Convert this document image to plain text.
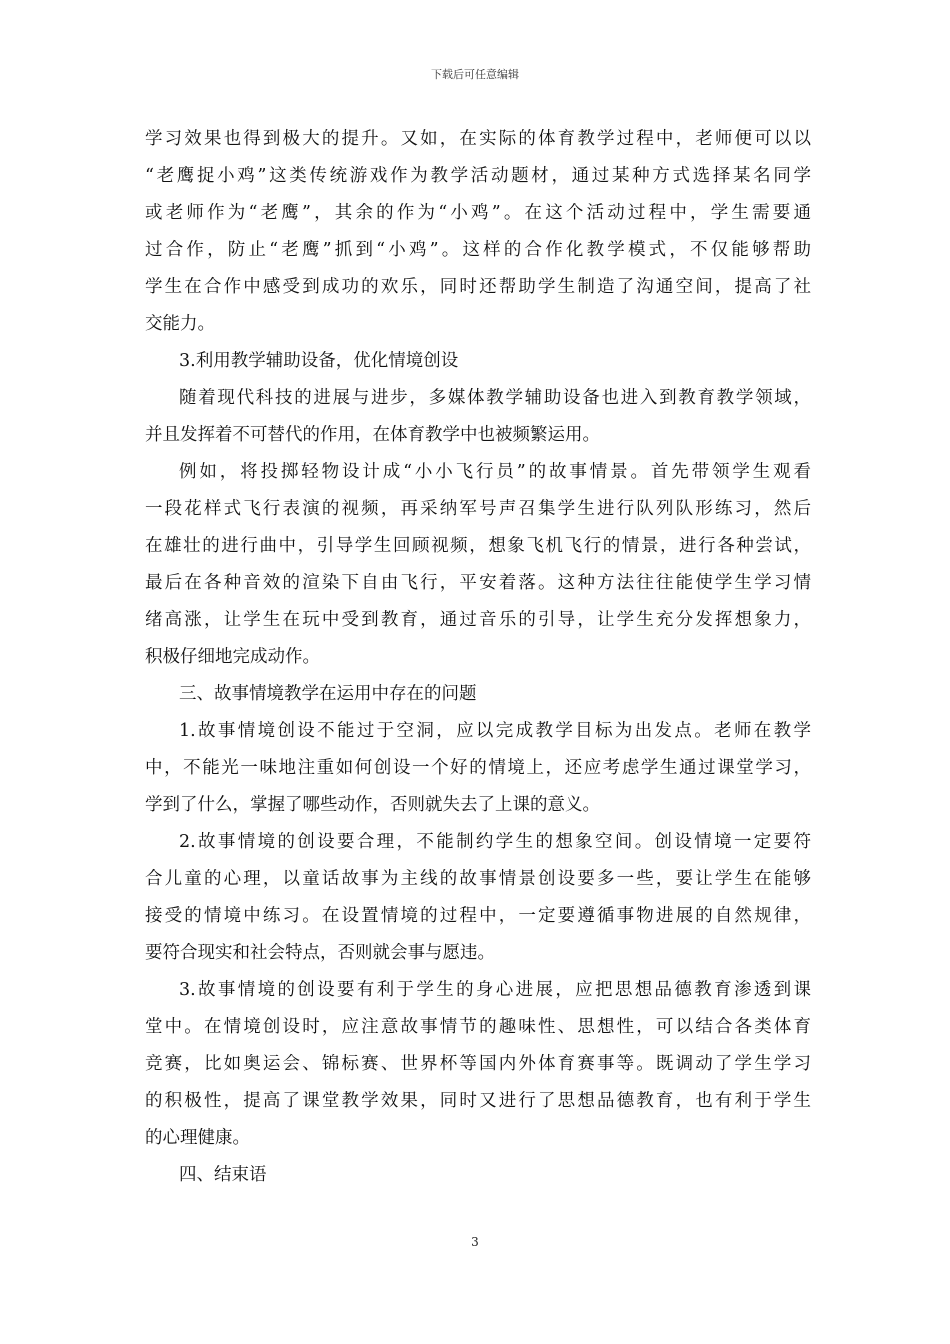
下载后可任意编辑
学习效果也得到极大的提升。又如，在实际的体育教学过程中，老师便可以以
“老鹰捉小鸡”这类传统游戏作为教学活动题材，通过某种方式选择某名同学
或老师作为“老鹰”，其余的作为“小鸡”。在这个活动过程中，学生需要通
过合作，防止“老鹰”抓到“小鸡”。这样的合作化教学模式，不仅能够帮助
学生在合作中感受到成功的欢乐，同时还帮助学生制造了沟通空间，提高了社
交能力。
3.利用教学辅助设备，优化情境创设
随着现代科技的进展与进步，多媒体教学辅助设备也进入到教育教学领域，
并且发挥着不可替代的作用，在体育教学中也被频繁运用。
例如，将投掷轻物设计成“小小飞行员”的故事情景。首先带领学生观看
一段花样式飞行表演的视频，再采纳军号声召集学生进行队列队形练习，然后
在雄壮的进行曲中，引导学生回顾视频，想象飞机飞行的情景，进行各种尝试，
最后在各种音效的渲染下自由飞行，平安着落。这种方法往往能使学生学习情
绪高涨，让学生在玩中受到教育，通过音乐的引导，让学生充分发挥想象力，
积极仔细地完成动作。
三、故事情境教学在运用中存在的问题
1.故事情境创设不能过于空洞，应以完成教学目标为出发点。老师在教学
中，不能光一味地注重如何创设一个好的情境上，还应考虑学生通过课堂学习，
学到了什么，掌握了哪些动作，否则就失去了上课的意义。
2.故事情境的创设要合理，不能制约学生的想象空间。创设情境一定要符
合儿童的心理，以童话故事为主线的故事情景创设要多一些，要让学生在能够
接受的情境中练习。在设置情境的过程中，一定要遵循事物进展的自然规律，
要符合现实和社会特点，否则就会事与愿违。
3.故事情境的创设要有利于学生的身心进展，应把思想品德教育渗透到课
堂中。在情境创设时，应注意故事情节的趣味性、思想性，可以结合各类体育
竞赛，比如奥运会、锦标赛、世界杯等国内外体育赛事等。既调动了学生学习
的积极性，提高了课堂教学效果，同时又进行了思想品德教育，也有利于学生
的心理健康。
四、结束语
3
